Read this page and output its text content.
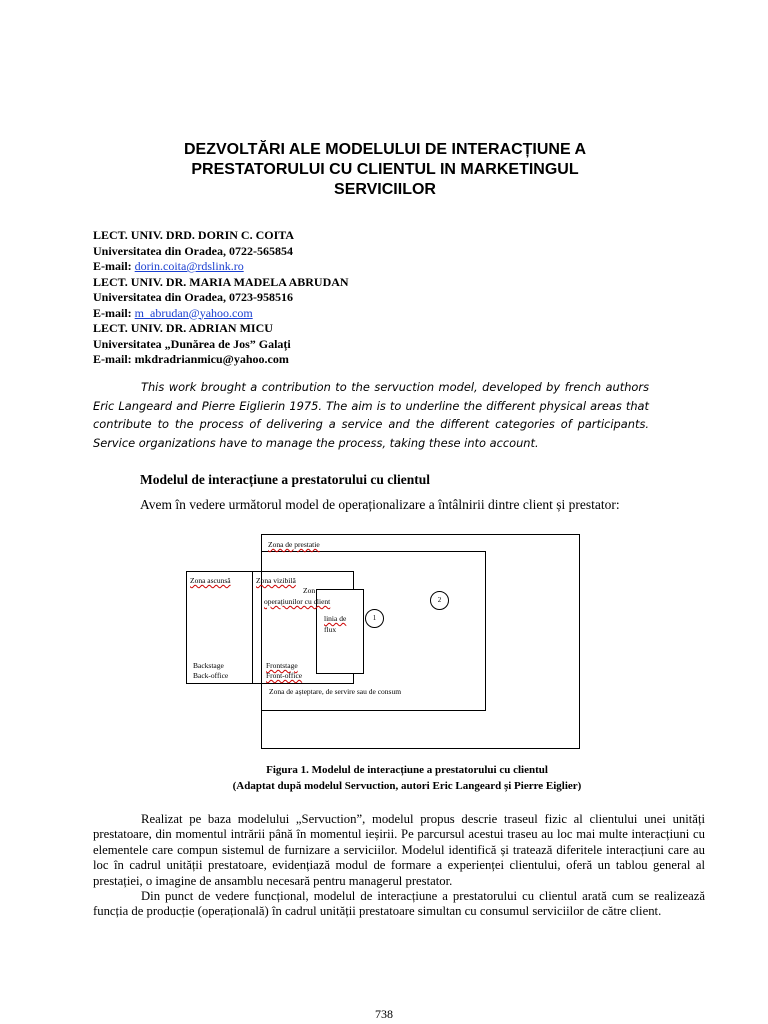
DEZVOLTĂRI ALE MODELULUI DE INTERACȚIUNE A
PRESTATORULUI CU CLIENTUL IN MARKETINGUL
SERVICIILOR
LECT. UNIV. DRD. DORIN C. COITA
Universitatea din Oradea, 0722-565854
E-mail: dorin.coita@rdslink.ro
LECT. UNIV. DR. MARIA MADELA ABRUDAN
Universitatea din Oradea, 0723-958516
E-mail: m_abrudan@yahoo.com
LECT. UNIV. DR. ADRIAN MICU
Universitatea „Dunărea de Jos” Galați
E-mail: mkdradrianmicu@yahoo.com
This work brought a contribution to the servuction model, developed by french authors Eric Langeard and Pierre Eiglierin 1975. The aim is to underline the different physical areas that contribute to the process of delivering a service and the different categories of participants. Service organizations have to manage the process, taking these into account.
Modelul de interacțiune a prestatorului cu clientul
Avem în vedere următorul model de operaționalizare a întâlnirii dintre client și prestator:
Zona de prestatie
Zona ascunsă	Zona vizibilă
Zon
operațiunilor cu client
linia de
flux
1
2
Backstage
Back-office
Frontstage
Front-office
Zona de așteptare, de servire sau de consum
Figura 1. Modelul de interacțiune a prestatorului cu clientul
(Adaptat după modelul Servuction, autori Eric Langeard și Pierre Eiglier)

Realizat pe baza modelului „Servuction”, modelul propus descrie traseul fizic al clientului unei unități prestatoare, din momentul intrării până în momentul ieșirii. Pe parcursul acestui traseu au loc mai multe interacțiuni cu elementele care compun sistemul de furnizare a serviciilor. Modelul identifică și tratează diferitele interacțiuni care au loc în cadrul unității prestatoare, evidențiază modul de formare a experienței clientului, oferă un tablou general al prestației, o imagine de ansamblu necesară pentru managerul prestator.

Din punct de vedere funcțional, modelul de interacțiune a prestatorului cu clientul arată cum se realizează funcția de producție (operațională) în cadrul unității prestatoare simultan cu consumul serviciilor de către client.

738
